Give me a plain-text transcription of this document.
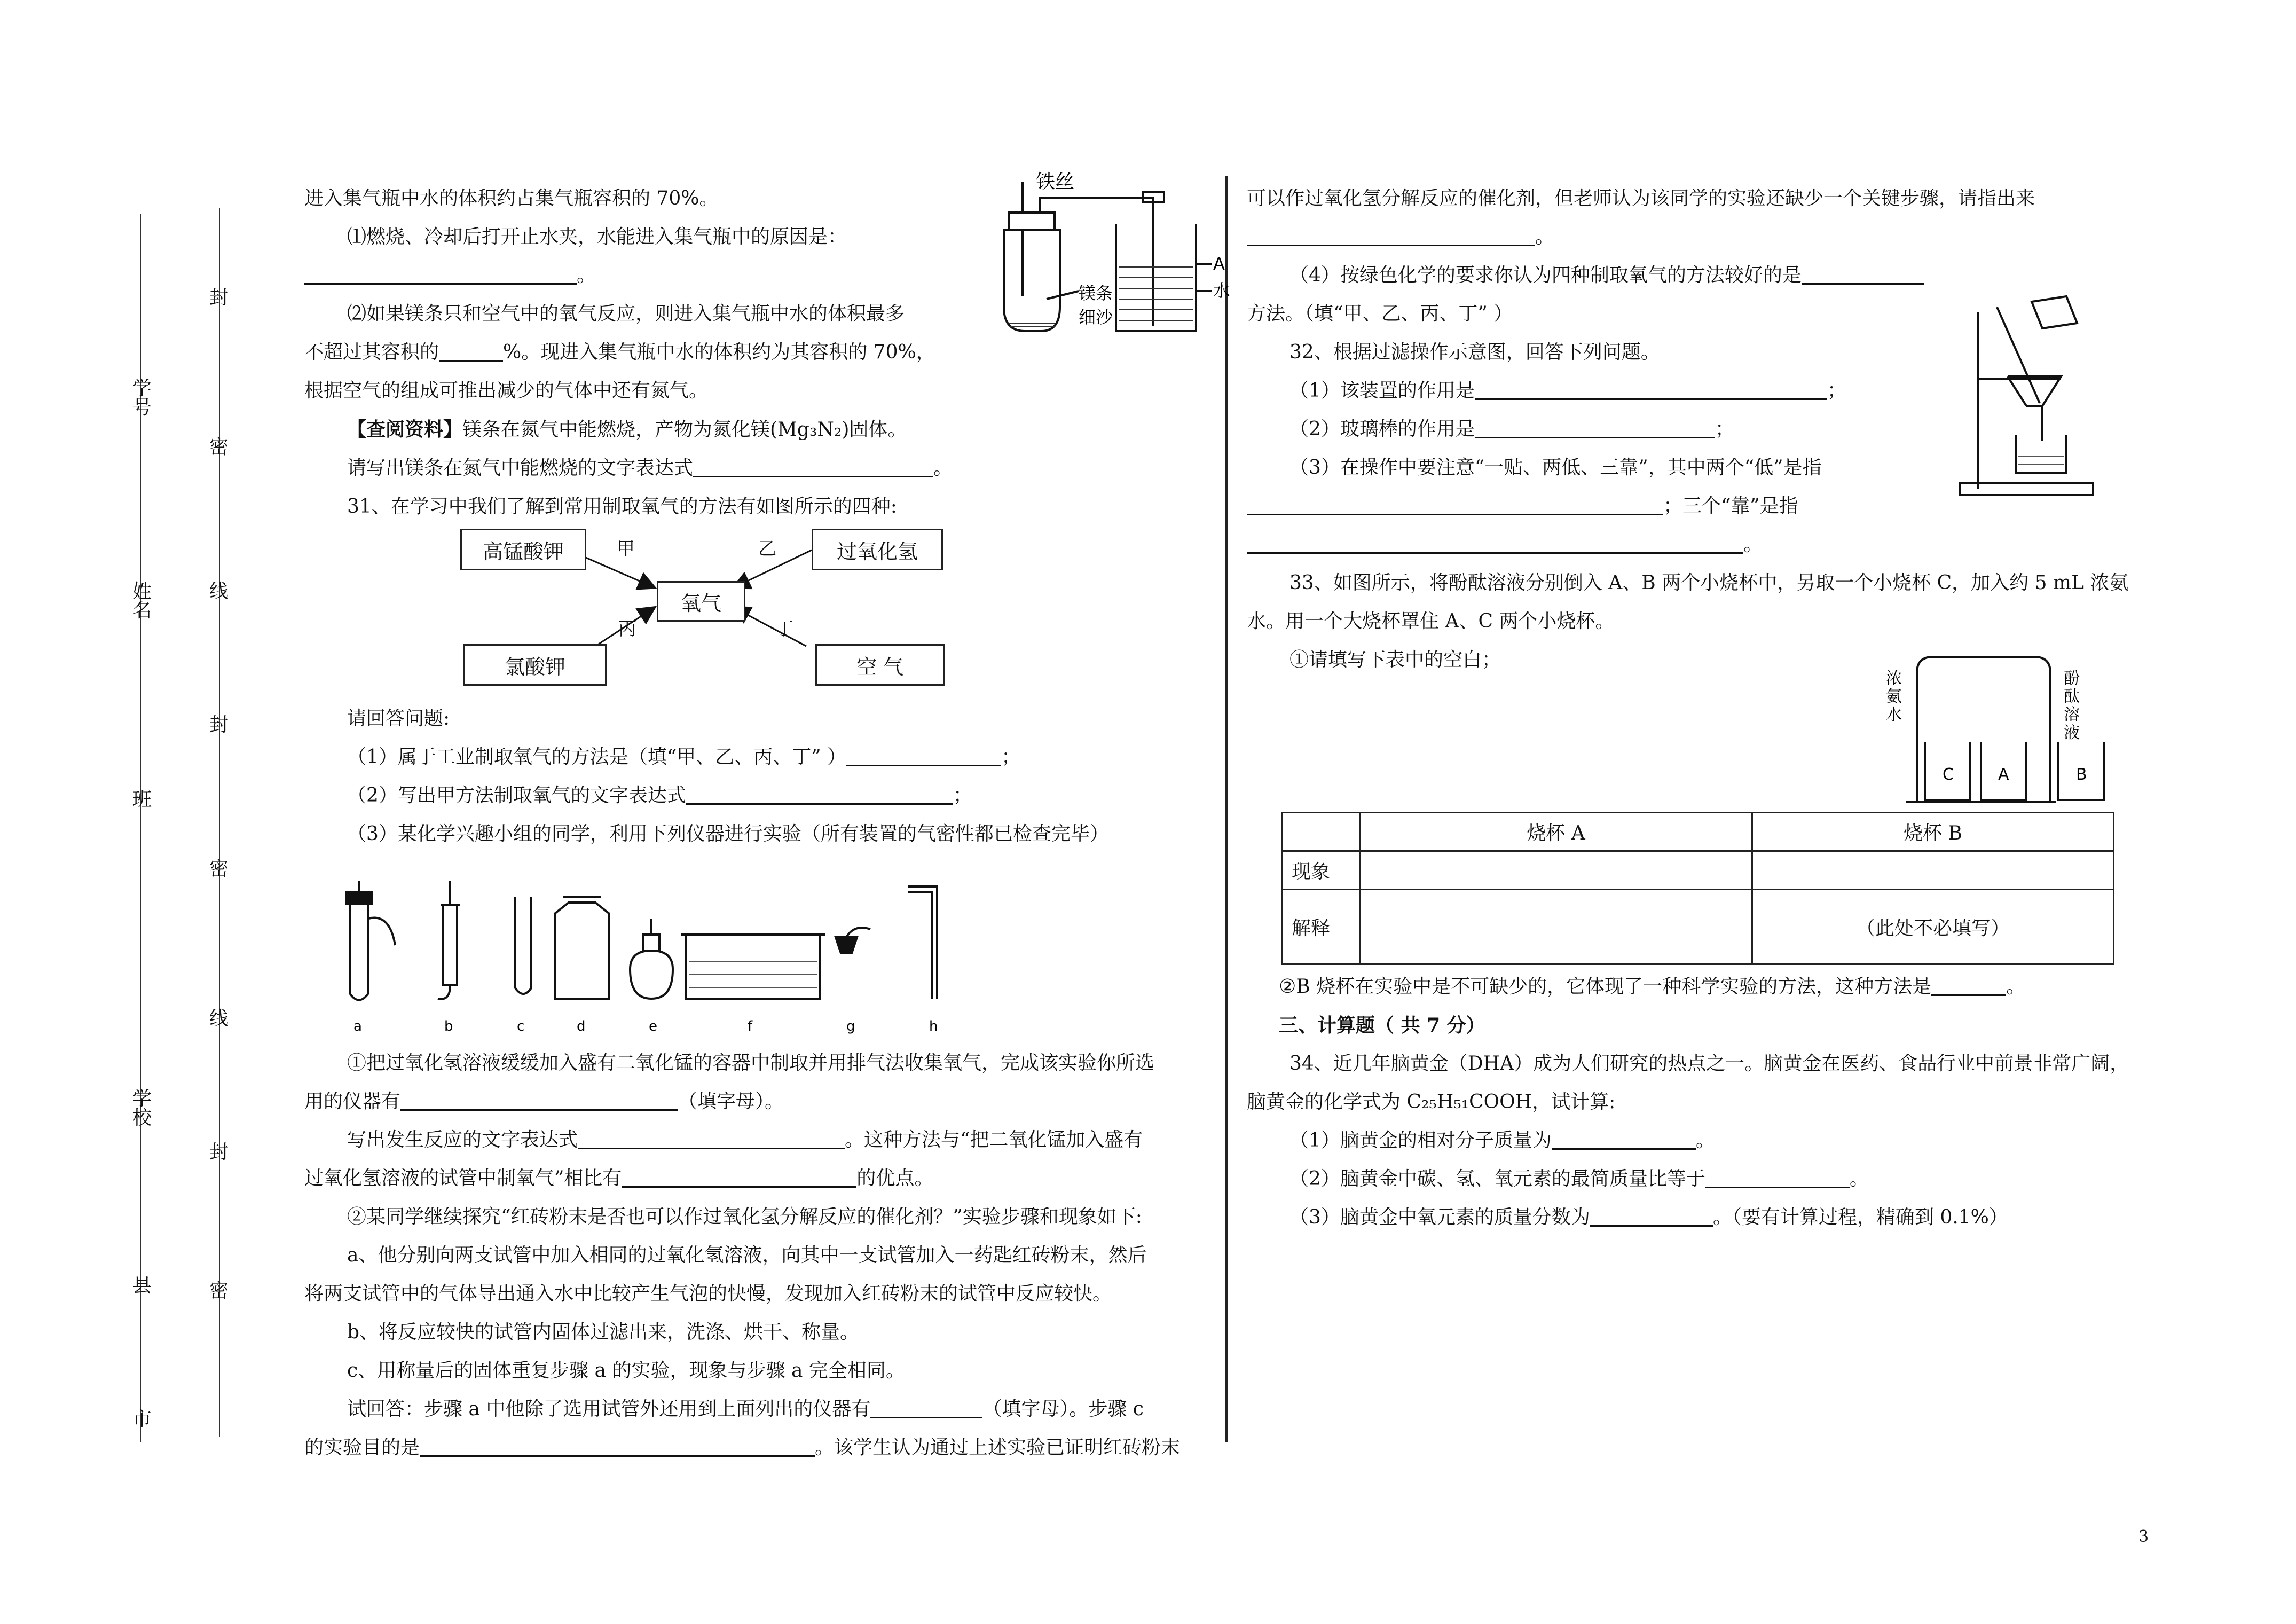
学号
姓名
班
学校
县
市
封
密
线
封
密
线
封
密

进入集气瓶中水的体积约占集气瓶容积的 70%。

⑴燃烧、冷却后打开止水夹，水能进入集气瓶中的原因是：

。

⑵如果镁条只和空气中的氧气反应，则进入集气瓶中水的体积最多

不超过其容积的	%。现进入集气瓶中水的体积约为其容积的 70%，

根据空气的组成可推出减少的气体中还有氮气。

【查阅资料】镁条在氮气中能燃烧，产物为氮化镁(Mg₃N₂)固体。

请写出镁条在氮气中能燃烧的文字表达式	。

31、在学习中我们了解到常用制取氧气的方法有如图所示的四种:

铁丝
镁条
细沙
A
水
高锰酸钾	过氧化氢
氧气
氯酸钾	空 气
甲	乙
丙	丁

请回答问题:

（1）属于工业制取氧气的方法是（填“甲、乙、丙、丁” ）	；

（2）写出甲方法制取氧气的文字表达式	；

（3）某化学兴趣小组的同学，利用下列仪器进行实验（所有装置的气密性都已检查完毕）

a	b	c	d	e	f	g	h

①把过氧化氢溶液缓缓加入盛有二氧化锰的容器中制取并用排气法收集氧气，完成该实验你所选

用的仪器有	（填字母）。

写出发生反应的文字表达式	。这种方法与“把二氧化锰加入盛有

过氧化氢溶液的试管中制氧气”相比有	的优点。

②某同学继续探究“红砖粉末是否也可以作过氧化氢分解反应的催化剂？”实验步骤和现象如下:

a、他分别向两支试管中加入相同的过氧化氢溶液，向其中一支试管加入一药匙红砖粉末，然后

将两支试管中的气体导出通入水中比较产生气泡的快慢，发现加入红砖粉末的试管中反应较快。

b、将反应较快的试管内固体过滤出来，洗涤、烘干、称量。

c、用称量后的固体重复步骤 a 的实验，现象与步骤 a 完全相同。

试回答：步骤 a 中他除了选用试管外还用到上面列出的仪器有	（填字母）。步骤 c

的实验目的是	。该学生认为通过上述实验已证明红砖粉末

可以作过氧化氢分解反应的催化剂，但老师认为该同学的实验还缺少一个关键步骤，请指出来

。

（4）按绿色化学的要求你认为四种制取氧气的方法较好的是

方法。（填“甲、乙、丙、丁” ）

32、根据过滤操作示意图，回答下列问题。

（1）该装置的作用是	；

（2）玻璃棒的作用是	；

（3）在操作中要注意“一贴、两低、三靠”，其中两个“低”是指

；三个“靠”是指

。

33、如图所示，将酚酞溶液分别倒入 A、B 两个小烧杯中，另取一个小烧杯 C，加入约 5 mL 浓氨

水。用一个大烧杯罩住 A、C 两个小烧杯。

①请填写下表中的空白；

浓氨水
酚酞溶液
C	A	B
	烧杯 A	烧杯 B
现象		
解释		（此处不必填写）

②B 烧杯在实验中是不可缺少的，它体现了一种科学实验的方法，这种方法是	。

三、计算题（ 共 7 分）

34、近几年脑黄金（DHA）成为人们研究的热点之一。脑黄金在医药、食品行业中前景非常广阔，

脑黄金的化学式为 C₂₅H₅₁COOH，试计算:

（1）脑黄金的相对分子质量为	。

（2）脑黄金中碳、氢、氧元素的最简质量比等于	。

（3）脑黄金中氧元素的质量分数为	。（要有计算过程，精确到 0.1%）

3
